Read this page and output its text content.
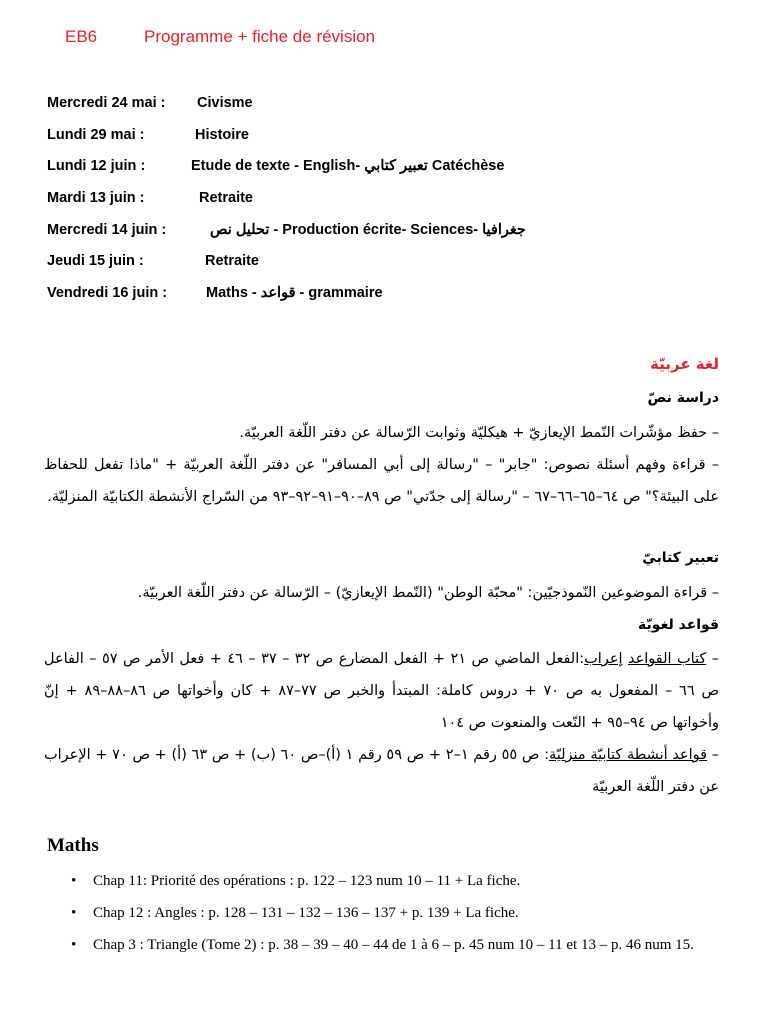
EB6	Programme + fiche de révision
Mercredi 24 mai : Civisme
Lundi 29 mai :	Histoire
Lundi 12 juin :	Etude de texte - English- تعبير كتابي Catéchèse
Mardi 13 juin :	Retraite
Mercredi 14 juin :	تحليل نص - Production écrite- Sciences- جغرافيا
Jeudi 15 juin :	Retraite
Vendredi 16 juin :	Maths - قواعد - grammaire
لغة عربيّة
دراسة نصّ
– حفظ مؤشّرات النّمط الإيعازيّ + هيكليّة وثوابت الرّسالة عن دفتر اللّغة العربيّة.
– قراءة وفهم أسئلة نصوص: "جابر" – "رسالة إلى أبي المسافر" عن دفتر اللّغة العربيّة + "ماذا تفعل للحفاظ على البيئة؟" ص ٦٤–٦٥–٦٦–٦٧ – "رسالة إلى جدّتي" ص ٨٩–٩٠–٩١–٩٢–٩٣ من السّراج الأنشطة الكتابيّة المنزليّة.
تعبير كتابيّ
– قراءة الموضوعين النّموذجيّين: "محبّة الوطن" (النّمط الإيعازيّ) – الرّسالة عن دفتر اللّغة العربيّة.
قواعد لغويّة
– كتاب القواعد إعراب:الفعل الماضي ص ٢١ + الفعل المضارع ص ٣٢ – ٣٧ – ٤٦ + فعل الأمر ص ٥٧ – الفاعل ص ٦٦ – المفعول به ص ٧٠ + دروس كاملة: المبتدأ والخبر ص ٧٧–٨٧ + كان وأخواتها ص ٨٦–٨٨–٨٩ + إنّ وأخواتها ص ٩٤–٩٥ + النّعت والمنعوت ص ١٠٤
– قواعد أنشطة كتابيّة منزليّة: ص ٥٥ رقم ١–٢ + ص ٥٩ رقم ١ (أ)–ص ٦٠ (ب) + ص ٦٣ (أ) + ص ٧٠ + الإعراب عن دفتر اللّغة العربيّة
Maths
• Chap 11: Priorité des opérations : p. 122 – 123 num 10 – 11 + La fiche.
• Chap 12 : Angles : p. 128 – 131 – 132 – 136 – 137 + p. 139 + La fiche.
• Chap 3 : Triangle (Tome 2) : p. 38 – 39 – 40 – 44 de 1 à 6 – p. 45 num 10 – 11 et 13 – p. 46 num 15.
